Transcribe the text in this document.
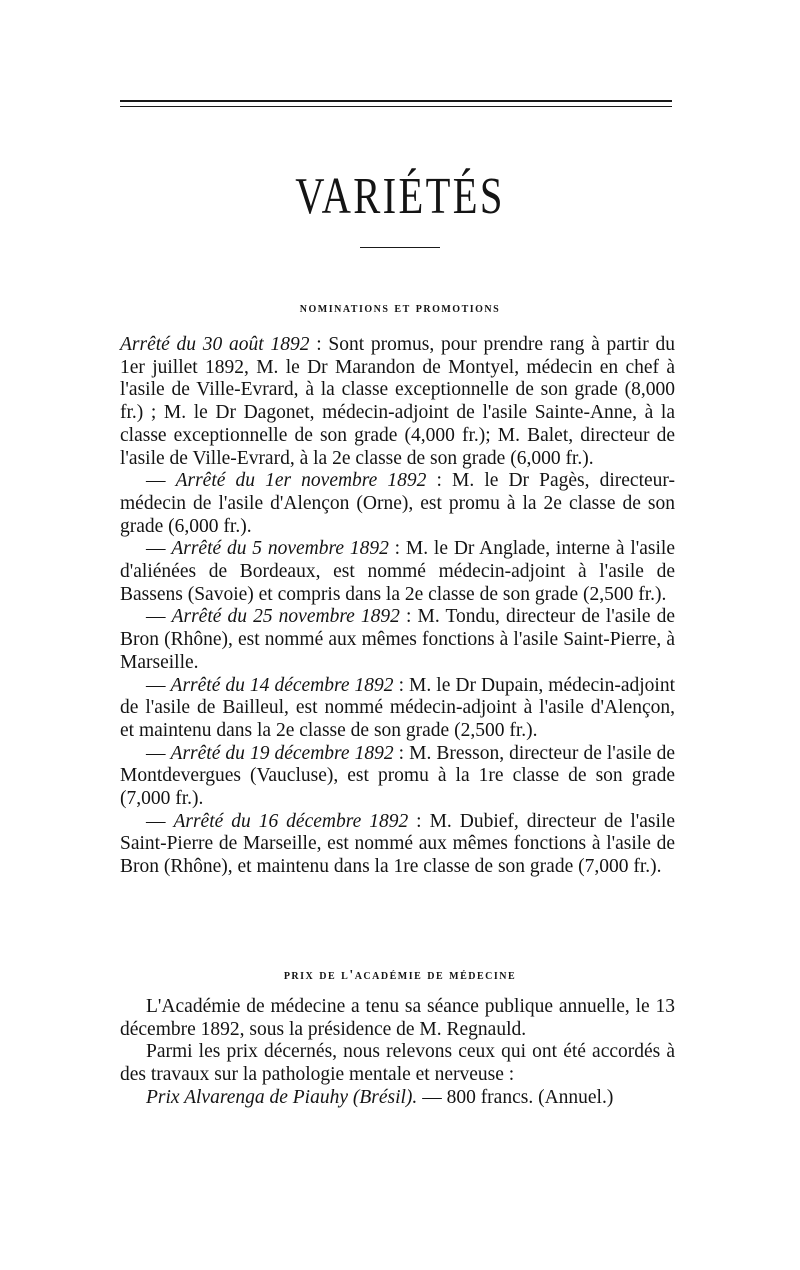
VARIÉTÉS
nominations et promotions

Arrêté du 30 août 1892 : Sont promus, pour prendre rang à partir du 1er juillet 1892, M. le Dr Marandon de Montyel, médecin en chef à l'asile de Ville-Evrard, à la classe exceptionnelle de son grade (8,000 fr.) ; M. le Dr Dagonet, médecin-adjoint de l'asile Sainte-Anne, à la classe exceptionnelle de son grade (4,000 fr.); M. Balet, directeur de l'asile de Ville-Evrard, à la 2e classe de son grade (6,000 fr.).

— Arrêté du 1er novembre 1892 : M. le Dr Pagès, directeur-médecin de l'asile d'Alençon (Orne), est promu à la 2e classe de son grade (6,000 fr.).

— Arrêté du 5 novembre 1892 : M. le Dr Anglade, interne à l'asile d'aliénées de Bordeaux, est nommé médecin-adjoint à l'asile de Bassens (Savoie) et compris dans la 2e classe de son grade (2,500 fr.).

— Arrêté du 25 novembre 1892 : M. Tondu, directeur de l'asile de Bron (Rhône), est nommé aux mêmes fonctions à l'asile Saint-Pierre, à Marseille.

— Arrêté du 14 décembre 1892 : M. le Dr Dupain, médecin-adjoint de l'asile de Bailleul, est nommé médecin-adjoint à l'asile d'Alençon, et maintenu dans la 2e classe de son grade (2,500 fr.).

— Arrêté du 19 décembre 1892 : M. Bresson, directeur de l'asile de Montdevergues (Vaucluse), est promu à la 1re classe de son grade (7,000 fr.).

— Arrêté du 16 décembre 1892 : M. Dubief, directeur de l'asile Saint-Pierre de Marseille, est nommé aux mêmes fonctions à l'asile de Bron (Rhône), et maintenu dans la 1re classe de son grade (7,000 fr.).

prix de l'académie de médecine

L'Académie de médecine a tenu sa séance publique annuelle, le 13 décembre 1892, sous la présidence de M. Regnauld.

Parmi les prix décernés, nous relevons ceux qui ont été accordés à des travaux sur la pathologie mentale et nerveuse :

Prix Alvarenga de Piauhy (Brésil). — 800 francs. (Annuel.)
